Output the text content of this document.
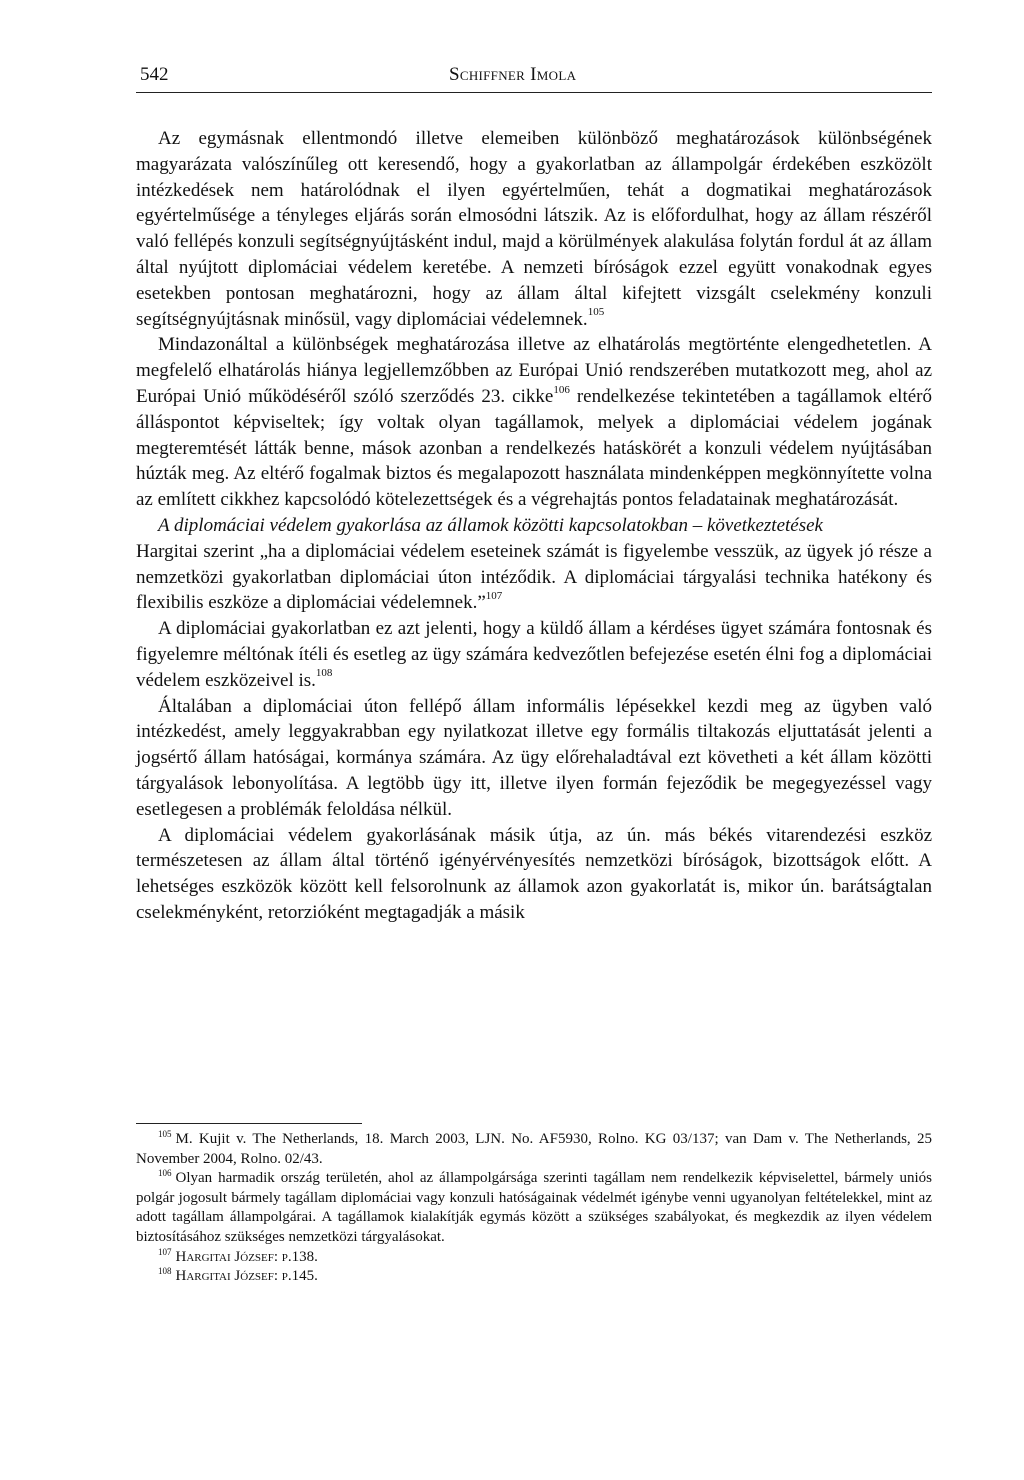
542	Schiffner Imola

Az egymásnak ellentmondó illetve elemeiben különböző meghatározások különbségének magyarázata valószínűleg ott keresendő, hogy a gyakorlatban az állampolgár érdekében eszközölt intézkedések nem határolódnak el ilyen egyértelműen, tehát a dogmatikai meghatározások egyértelműsége a tényleges eljárás során elmosódni látszik. Az is előfordulhat, hogy az állam részéről való fellépés konzuli segítségnyújtásként indul, majd a körülmények alakulása folytán fordul át az állam által nyújtott diplomáciai védelem keretébe. A nemzeti bíróságok ezzel együtt vonakodnak egyes esetekben pontosan meghatározni, hogy az állam által kifejtett vizsgált cselekmény konzuli segítségnyújtásnak minősül, vagy diplomáciai védelemnek.$^{105}$

Mindazonáltal a különbségek meghatározása illetve az elhatárolás megtörténte elengedhetetlen. A megfelelő elhatárolás hiánya legjellemzőbben az Európai Unió rendszerében mutatkozott meg, ahol az Európai Unió működéséről szóló szerződés 23. cikke$^{106}$ rendelkezése tekintetében a tagállamok eltérő álláspontot képviseltek; így voltak olyan tagállamok, melyek a diplomáciai védelem jogának megteremtését látták benne, mások azonban a rendelkezés hatáskörét a konzuli védelem nyújtásában húzták meg. Az eltérő fogalmak biztos és megalapozott használata mindenképpen megkönnyítette volna az említett cikkhez kapcsolódó kötelezettségek és a végrehajtás pontos feladatainak meghatározását.

A diplomáciai védelem gyakorlása az államok közötti kapcsolatokban – következtetések

Hargitai szerint „ha a diplomáciai védelem eseteinek számát is figyelembe vesszük, az ügyek jó része a nemzetközi gyakorlatban diplomáciai úton intéződik. A diplomáciai tárgyalási technika hatékony és flexibilis eszköze a diplomáciai védelemnek.”$^{107}$

A diplomáciai gyakorlatban ez azt jelenti, hogy a küldő állam a kérdéses ügyet számára fontosnak és figyelemre méltónak ítéli és esetleg az ügy számára kedvezőtlen befejezése esetén élni fog a diplomáciai védelem eszközeivel is.$^{108}$

Általában a diplomáciai úton fellépő állam informális lépésekkel kezdi meg az ügyben való intézkedést, amely leggyakrabban egy nyilatkozat illetve egy formális tiltakozás eljuttatását jelenti a jogsértő állam hatóságai, kormánya számára. Az ügy előrehaladtával ezt követheti a két állam közötti tárgyalások lebonyolítása. A legtöbb ügy itt, illetve ilyen formán fejeződik be megegyezéssel vagy esetlegesen a problémák feloldása nélkül.

A diplomáciai védelem gyakorlásának másik útja, az ún. más békés vitarendezési eszköz természetesen az állam által történő igényérvényesítés nemzetközi bíróságok, bizottságok előtt. A lehetséges eszközök között kell felsorolnunk az államok azon gyakorlatát is, mikor ún. barátságtalan cselekményként, retorzióként megtagadják a másik

$^{105}$ M. Kujit v. The Netherlands, 18. March 2003, LJN. No. AF5930, Rolno. KG 03/137; van Dam v. The Netherlands, 25 November 2004, Rolno. 02/43.

$^{106}$ Olyan harmadik ország területén, ahol az állampolgársága szerinti tagállam nem rendelkezik képviselettel, bármely uniós polgár jogosult bármely tagállam diplomáciai vagy konzuli hatóságainak védelmét igénybe venni ugyanolyan feltételekkel, mint az adott tagállam állampolgárai. A tagállamok kialakítják egymás között a szükséges szabályokat, és megkezdik az ilyen védelem biztosításához szükséges nemzetközi tárgyalásokat.

$^{107}$ Hargitai József: p.138.

$^{108}$ Hargitai József: p.145.
